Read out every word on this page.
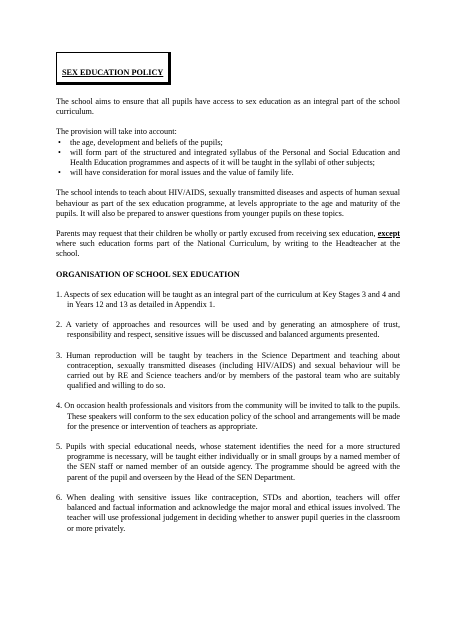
SEX EDUCATION POLICY

The school aims to ensure that all pupils have access to sex education as an integral part of the school curriculum.

The provision will take into account:

• the age, development and beliefs of the pupils;
• will form part of the structured and integrated syllabus of the Personal and Social Education and Health Education programmes and aspects of it will be taught in the syllabi of other subjects;
• will have consideration for moral issues and the value of family life.

The school intends to teach about HIV/AIDS, sexually transmitted diseases and aspects of human sexual behaviour as part of the sex education programme, at levels appropriate to the age and maturity of the pupils. It will also be prepared to answer questions from younger pupils on these topics.

Parents may request that their children be wholly or partly excused from receiving sex education, except where such education forms part of the National Curriculum, by writing to the Headteacher at the school.

ORGANISATION OF SCHOOL SEX EDUCATION
1. Aspects of sex education will be taught as an integral part of the curriculum at Key Stages 3 and 4 and in Years 12 and 13 as detailed in Appendix 1.
2. A variety of approaches and resources will be used and by generating an atmosphere of trust, responsibility and respect, sensitive issues will be discussed and balanced arguments presented.
3. Human reproduction will be taught by teachers in the Science Department and teaching about contraception, sexually transmitted diseases (including HIV/AIDS) and sexual behaviour will be carried out by RE and Science teachers and/or by members of the pastoral team who are suitably qualified and willing to do so.
4. On occasion health professionals and visitors from the community will be invited to talk to the pupils. These speakers will conform to the sex education policy of the school and arrangements will be made for the presence or intervention of teachers as appropriate.
5. Pupils with special educational needs, whose statement identifies the need for a more structured programme is necessary, will be taught either individually or in small groups by a named member of the SEN staff or named member of an outside agency. The programme should be agreed with the parent of the pupil and overseen by the Head of the SEN Department.
6. When dealing with sensitive issues like contraception, STDs and abortion, teachers will offer balanced and factual information and acknowledge the major moral and ethical issues involved. The teacher will use professional judgement in deciding whether to answer pupil queries in the classroom or more privately.
